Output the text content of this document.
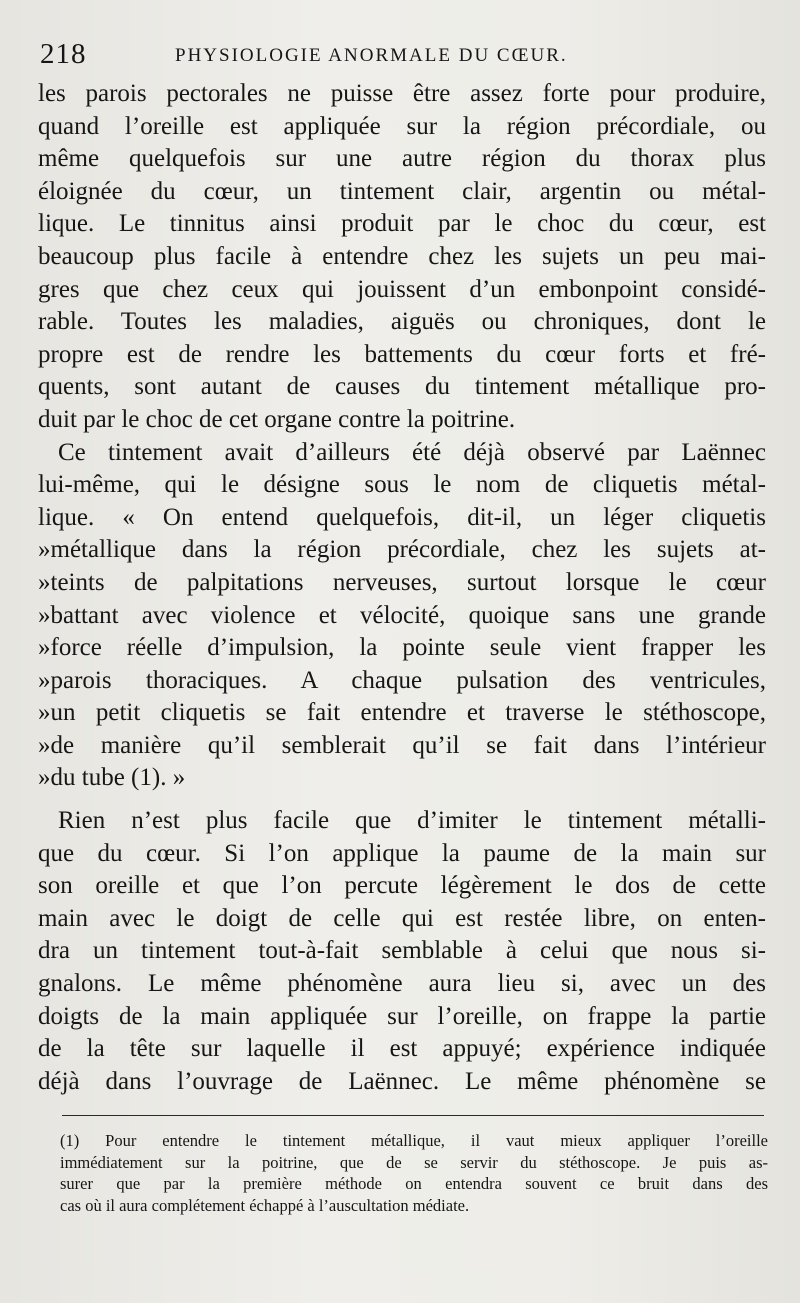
218	PHYSIOLOGIE ANORMALE DU CŒUR.
les parois pectorales ne puisse être assez forte pour produire,
quand l’oreille est appliquée sur la région précordiale, ou
même quelquefois sur une autre région du thorax plus
éloignée du cœur, un tintement clair, argentin ou métal-
lique. Le tinnitus ainsi produit par le choc du cœur, est
beaucoup plus facile à entendre chez les sujets un peu mai-
gres que chez ceux qui jouissent d’un embonpoint considé-
rable. Toutes les maladies, aiguës ou chroniques, dont le
propre est de rendre les battements du cœur forts et fré-
quents, sont autant de causes du tintement métallique pro-
duit par le choc de cet organe contre la poitrine.
Ce tintement avait d’ailleurs été déjà observé par Laënnec
lui-même, qui le désigne sous le nom de cliquetis métal-
lique. « On entend quelquefois, dit-il, un léger cliquetis
»métallique dans la région précordiale, chez les sujets at-
»teints de palpitations nerveuses, surtout lorsque le cœur
»battant avec violence et vélocité, quoique sans une grande
»force réelle d’impulsion, la pointe seule vient frapper les
»parois thoraciques. A chaque pulsation des ventricules,
»un petit cliquetis se fait entendre et traverse le stéthoscope,
»de manière qu’il semblerait qu’il se fait dans l’intérieur
»du tube (1). »
Rien n’est plus facile que d’imiter le tintement métalli-
que du cœur. Si l’on applique la paume de la main sur
son oreille et que l’on percute légèrement le dos de cette
main avec le doigt de celle qui est restée libre, on enten-
dra un tintement tout-à-fait semblable à celui que nous si-
gnalons. Le même phénomène aura lieu si, avec un des
doigts de la main appliquée sur l’oreille, on frappe la partie
de la tête sur laquelle il est appuyé; expérience indiquée
déjà dans l’ouvrage de Laënnec. Le même phénomène se
(1) Pour entendre le tintement métallique, il vaut mieux appliquer l’oreille
immédiatement sur la poitrine, que de se servir du stéthoscope. Je puis as-
surer que par la première méthode on entendra souvent ce bruit dans des
cas où il aura complétement échappé à l’auscultation médiate.
